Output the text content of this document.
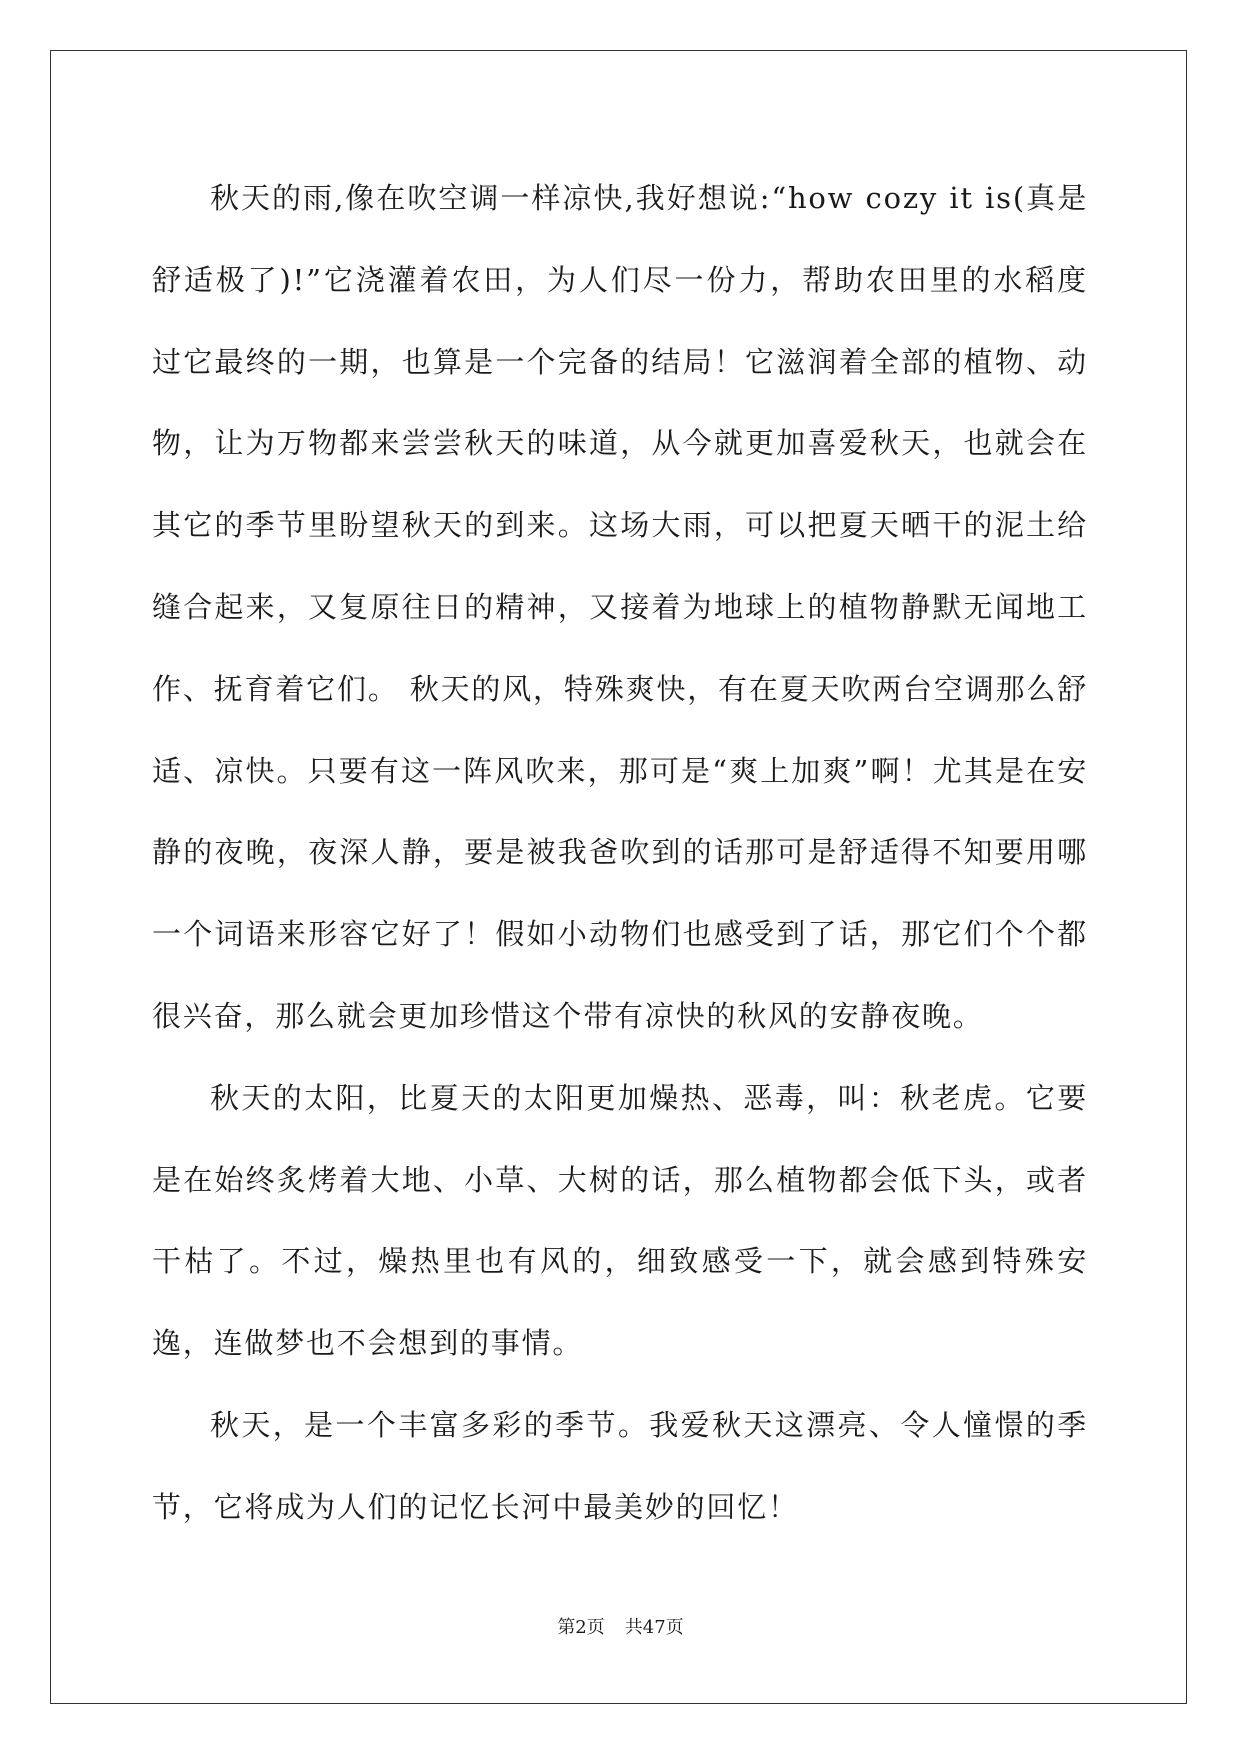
秋天的雨,像在吹空调一样凉快,我好想说:“how cozy it is(真是舒适极了)!”它浇灌着农田，为人们尽一份力，帮助农田里的水稻度过它最终的一期，也算是一个完备的结局！它滋润着全部的植物、动物，让为万物都来尝尝秋天的味道，从今就更加喜爱秋天，也就会在其它的季节里盼望秋天的到来。这场大雨，可以把夏天晒干的泥土给缝合起来，又复原往日的精神，又接着为地球上的植物静默无闻地工作、抚育着它们。 秋天的风，特殊爽快，有在夏天吹两台空调那么舒适、凉快。只要有这一阵风吹来，那可是“爽上加爽”啊！尤其是在安静的夜晚，夜深人静，要是被我爸吹到的话那可是舒适得不知要用哪一个词语来形容它好了！假如小动物们也感受到了话，那它们个个都很兴奋，那么就会更加珍惜这个带有凉快的秋风的安静夜晚。

秋天的太阳，比夏天的太阳更加燥热、恶毒，叫：秋老虎。它要是在始终炙烤着大地、小草、大树的话，那么植物都会低下头，或者干枯了。不过，燥热里也有风的，细致感受一下，就会感到特殊安逸，连做梦也不会想到的事情。

秋天，是一个丰富多彩的季节。我爱秋天这漂亮、令人憧憬的季节，它将成为人们的记忆长河中最美妙的回忆！

第2页 共47页
